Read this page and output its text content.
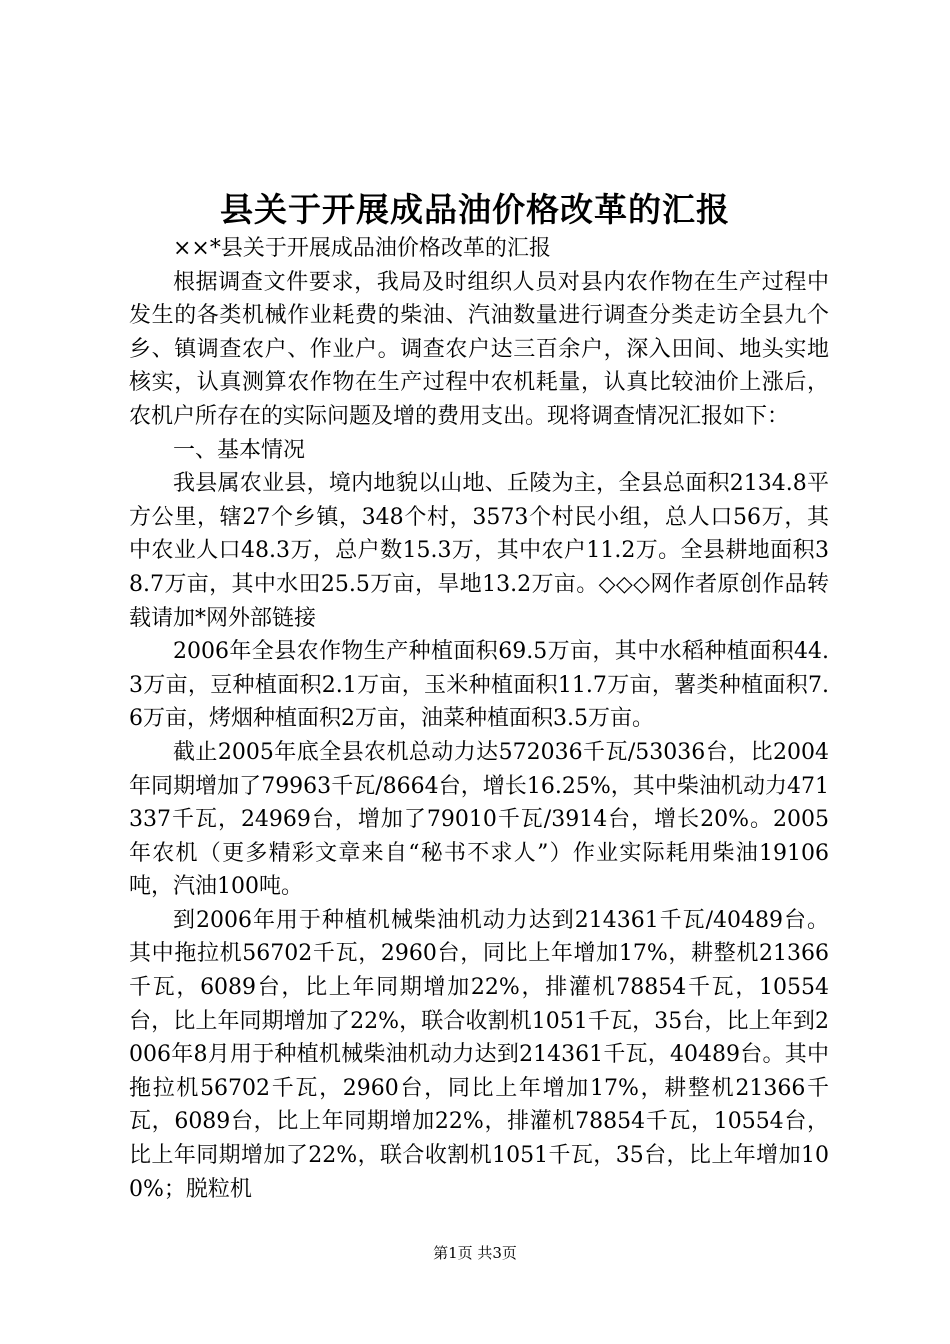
县关于开展成品油价格改革的汇报

××*县关于开展成品油价格改革的汇报

根据调查文件要求，我局及时组织人员对县内农作物在生产过程中发生的各类机械作业耗费的柴油、汽油数量进行调查分类走访全县九个乡、镇调查农户、作业户。调查农户达三百余户，深入田间、地头实地核实，认真测算农作物在生产过程中农机耗量，认真比较油价上涨后，农机户所存在的实际问题及增的费用支出。现将调查情况汇报如下：

一、基本情况

我县属农业县，境内地貌以山地、丘陵为主，全县总面积2134.8平方公里，辖27个乡镇，348个村，3573个村民小组，总人口56万，其中农业人口48.3万，总户数15.3万，其中农户11.2万。全县耕地面积38.7万亩，其中水田25.5万亩，旱地13.2万亩。◇◇◇网作者原创作品转载请加*网外部链接

2006年全县农作物生产种植面积69.5万亩，其中水稻种植面积44.3万亩，豆种植面积2.1万亩，玉米种植面积11.7万亩，薯类种植面积7.6万亩，烤烟种植面积2万亩，油菜种植面积3.5万亩。

截止2005年底全县农机总动力达572036千瓦/53036台，比2004年同期增加了79963千瓦/8664台，增长16.25%，其中柴油机动力471337千瓦，24969台，增加了79010千瓦/3914台，增长20%。2005年农机（更多精彩文章来自“秘书不求人”）作业实际耗用柴油19106吨，汽油100吨。

到2006年用于种植机械柴油机动力达到214361千瓦/40489台。其中拖拉机56702千瓦，2960台，同比上年增加17%，耕整机21366千瓦，6089台，比上年同期增加22%，排灌机78854千瓦，10554台，比上年同期增加了22%，联合收割机1051千瓦，35台，比上年到2006年8月用于种植机械柴油机动力达到214361千瓦，40489台。其中拖拉机56702千瓦，2960台，同比上年增加17%，耕整机21366千瓦，6089台，比上年同期增加22%，排灌机78854千瓦，10554台，比上年同期增加了22%，联合收割机1051千瓦，35台，比上年增加100%；脱粒机

第1页 共3页
